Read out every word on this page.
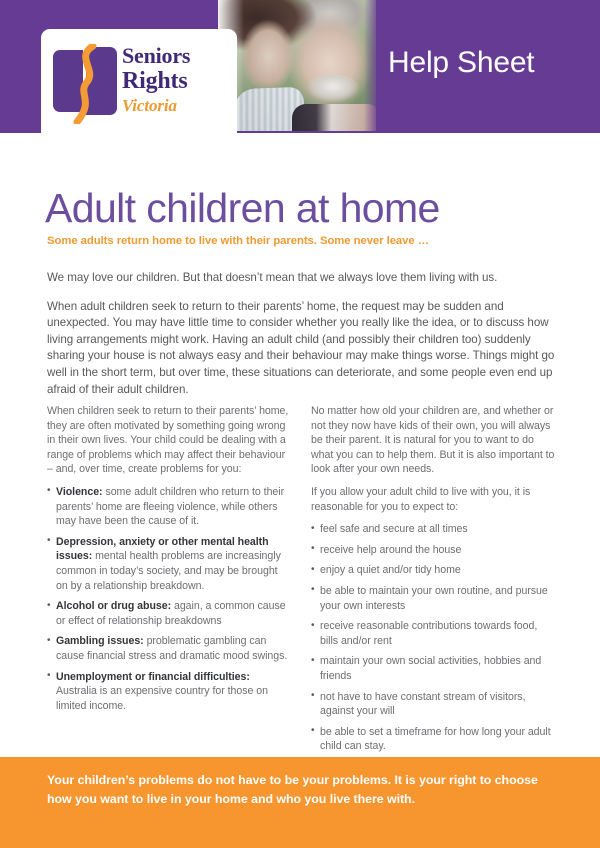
Seniors
Rights
Victoria
Help Sheet
Adult children at home
Some adults return home to live with their parents. Some never leave …

We may love our children. But that doesn’t mean that we always love them living with us.

When adult children seek to return to their parents’ home, the request may be sudden and unexpected. You may have little time to consider whether you really like the idea, or to discuss how living arrangements might work. Having an adult child (and possibly their children too) suddenly sharing your house is not always easy and their behaviour may make things worse. Things might go well in the short term, but over time, these situations can deteriorate, and some people even end up afraid of their adult children.

When children seek to return to their parents’ home, they are often motivated by something going wrong in their own lives. Your child could be dealing with a range of problems which may affect their behaviour – and, over time, create problems for you:

• Violence: some adult children who return to their parents’ home are fleeing violence, while others may have been the cause of it.
• Depression, anxiety or other mental health issues: mental health problems are increasingly common in today’s society, and may be brought on by a relationship breakdown.
• Alcohol or drug abuse: again, a common cause or effect of relationship breakdowns
• Gambling issues: problematic gambling can cause financial stress and dramatic mood swings.
• Unemployment or financial difficulties: Australia is an expensive country for those on limited income.

No matter how old your children are, and whether or not they now have kids of their own, you will always be their parent. It is natural for you to want to do what you can to help them. But it is also important to look after your own needs.

If you allow your adult child to live with you, it is reasonable for you to expect to:

• feel safe and secure at all times
• receive help around the house
• enjoy a quiet and/or tidy home
• be able to maintain your own routine, and pursue your own interests
• receive reasonable contributions towards food, bills and/or rent
• maintain your own social activities, hobbies and friends
• not have to have constant stream of visitors, against your will
• be able to set a timeframe for how long your adult child can stay.
Your children’s problems do not have to be your problems. It is your right to choose how you want to live in your home and who you live there with.
